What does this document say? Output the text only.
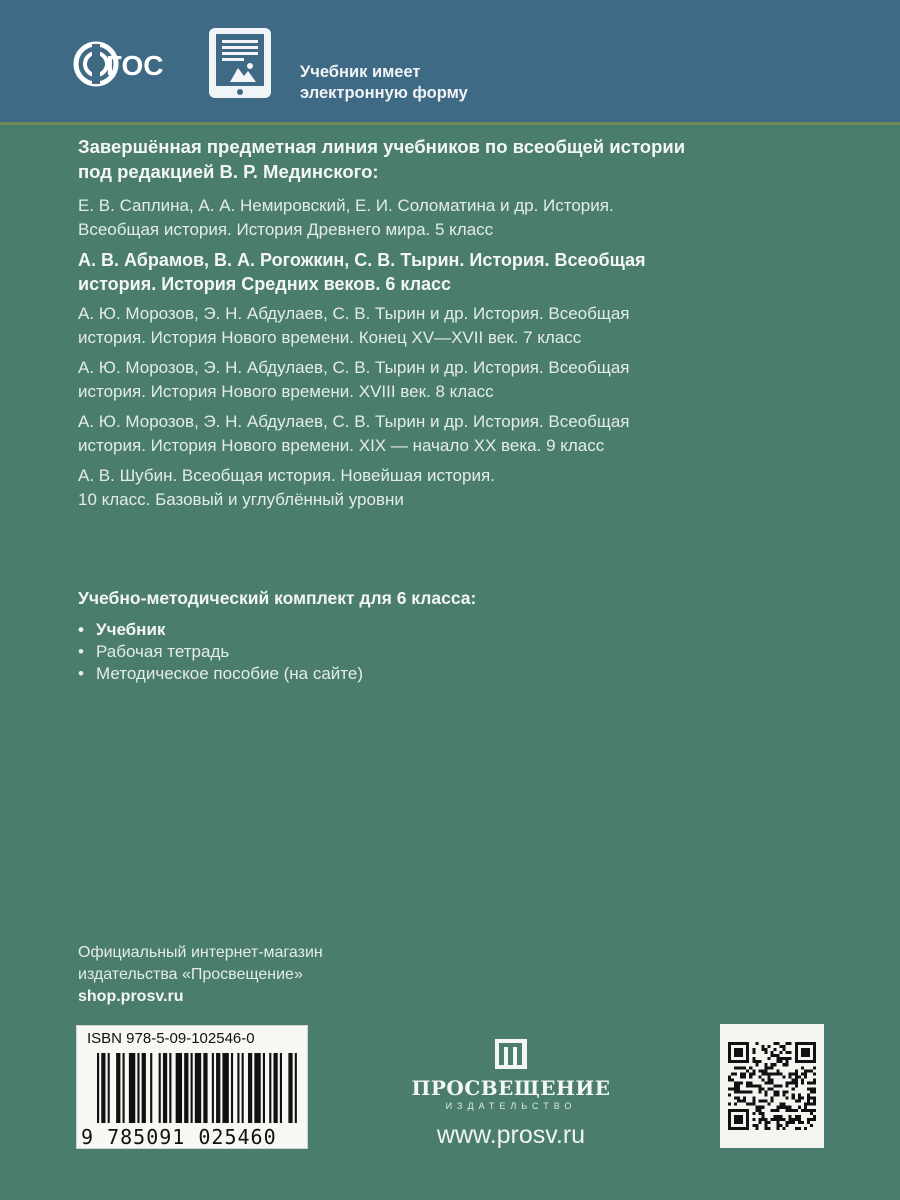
ГОС	Учебник имеет
электронную форму
Завершённая предметная линия учебников по всеобщей истории
под редакцией В. Р. Мединского:
Е. В. Саплина, А. А. Немировский, Е. И. Соломатина и др. История.
Всеобщая история. История Древнего мира. 5 класс
А. В. Абрамов, В. А. Рогожкин, С. В. Тырин. История. Всеобщая
история. История Средних веков. 6 класс
А. Ю. Морозов, Э. Н. Абдулаев, С. В. Тырин и др. История. Всеобщая
история. История Нового времени. Конец XV—XVII век. 7 класс
А. Ю. Морозов, Э. Н. Абдулаев, С. В. Тырин и др. История. Всеобщая
история. История Нового времени. XVIII век. 8 класс
А. Ю. Морозов, Э. Н. Абдулаев, С. В. Тырин и др. История. Всеобщая
история. История Нового времени. XIX — начало XX века. 9 класс
А. В. Шубин. Всеобщая история. Новейшая история.
10 класс. Базовый и углублённый уровни
Учебно-методический комплект для 6 класса:
• Учебник
• Рабочая тетрадь
• Методическое пособие (на сайте)
Официальный интернет-магазин
издательства «Просвещение»
shop.prosv.ru
ISBN 978-5-09-102546-0
9 785091 025460
ПРОСВЕЩЕНИЕ
ИЗДАТЕЛЬСТВО
www.prosv.ru
